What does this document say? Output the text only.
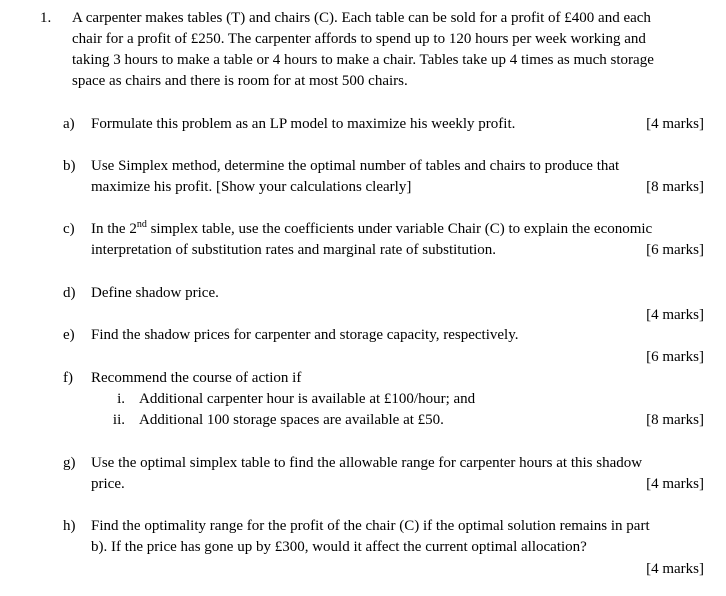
1. A carpenter makes tables (T) and chairs (C). Each table can be sold for a profit of £400 and each
chair for a profit of £250. The carpenter affords to spend up to 120 hours per week working and
taking 3 hours to make a table or 4 hours to make a chair. Tables take up 4 times as much storage
space as chairs and there is room for at most 500 chairs.
a) Formulate this problem as an LP model to maximize his weekly profit.	[4 marks]
b) Use Simplex method, determine the optimal number of tables and chairs to produce that
maximize his profit. [Show your calculations clearly]	[8 marks]
c) In the 2nd simplex table, use the coefficients under variable Chair (C) to explain the economic
interpretation of substitution rates and marginal rate of substitution.	[6 marks]
d) Define shadow price.
[4 marks]
e) Find the shadow prices for carpenter and storage capacity, respectively.
[6 marks]
f) Recommend the course of action if
i. Additional carpenter hour is available at £100/hour; and
ii. Additional 100 storage spaces are available at £50.	[8 marks]
g) Use the optimal simplex table to find the allowable range for carpenter hours at this shadow
price.	[4 marks]
h) Find the optimality range for the profit of the chair (C) if the optimal solution remains in part
b). If the price has gone up by £300, would it affect the current optimal allocation?
[4 marks]
